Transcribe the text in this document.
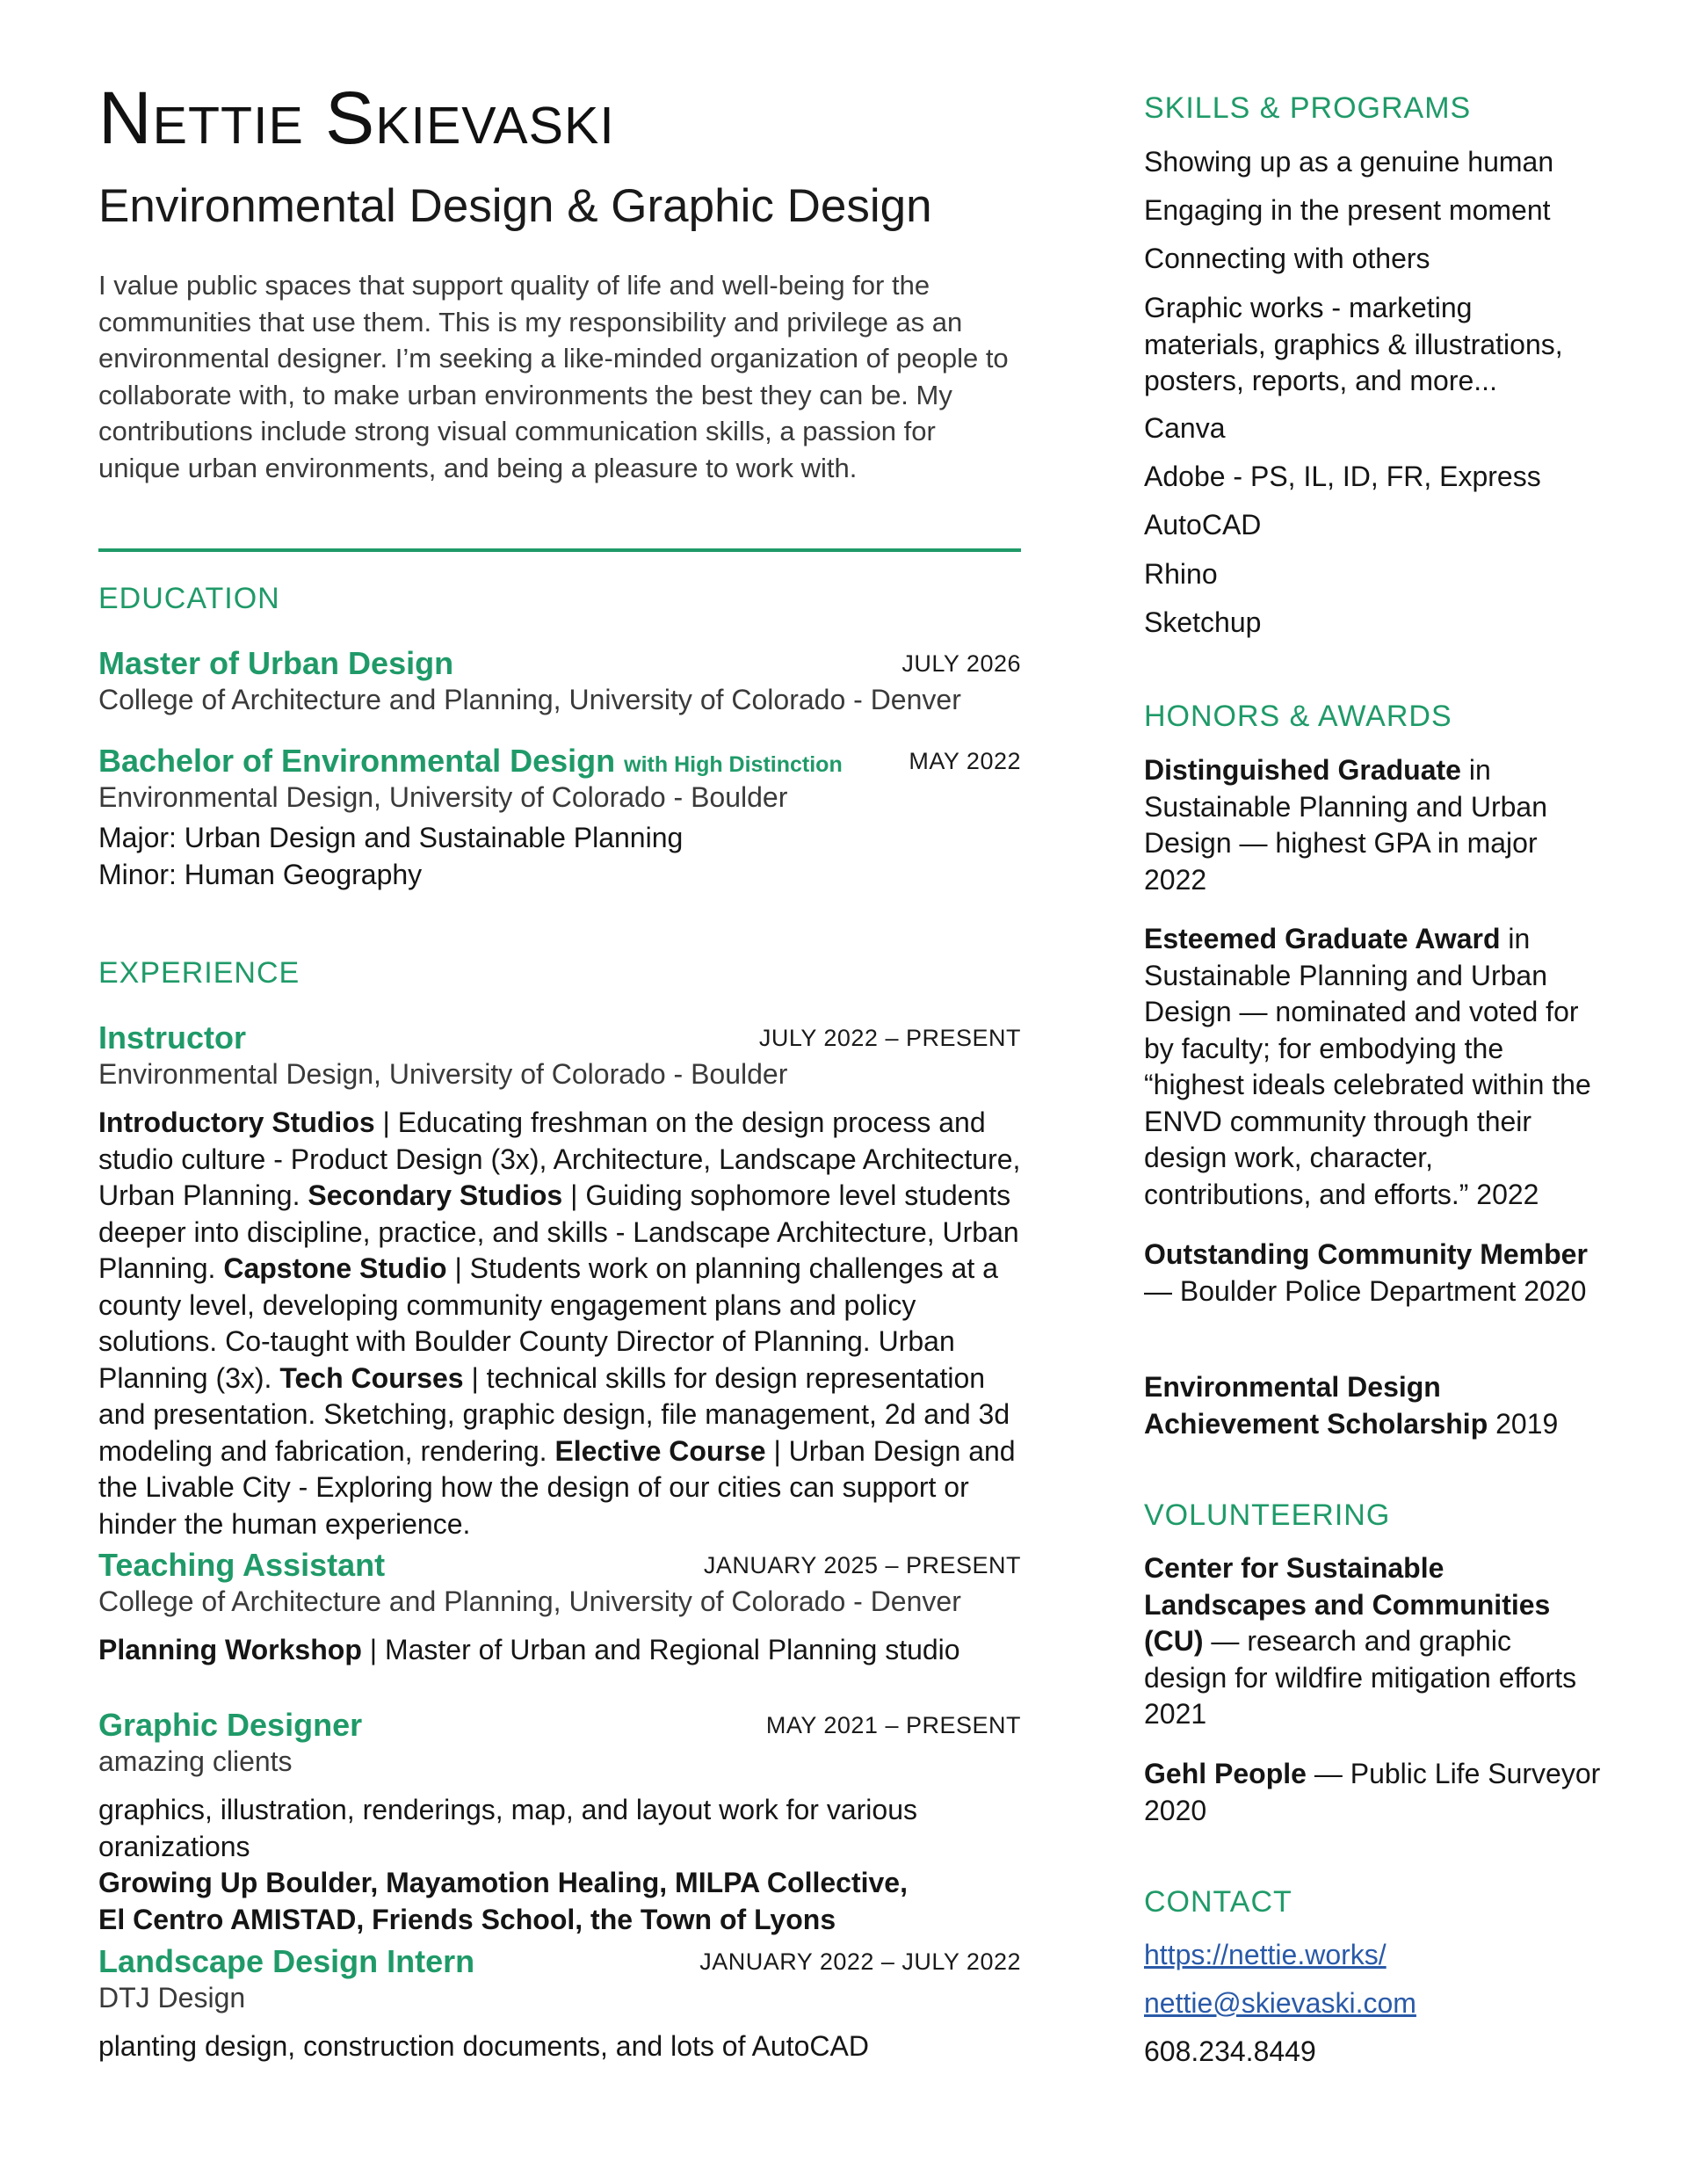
Nettie Skievaski
Environmental Design & Graphic Design
I value public spaces that support quality of life and well-being for the communities that use them. This is my responsibility and privilege as an environmental designer. I’m seeking a like-minded organization of people to collaborate with, to make urban environments the best they can be. My contributions include strong visual communication skills, a passion for unique urban environments, and being a pleasure to work with.
EDUCATION
Master of Urban Design	JULY 2026
College of Architecture and Planning, University of Colorado - Denver
Bachelor of Environmental Design with High Distinction	MAY 2022
Environmental Design, University of Colorado - Boulder
Major: Urban Design and Sustainable Planning
Minor: Human Geography
EXPERIENCE
Instructor	JULY 2022 – PRESENT
Environmental Design, University of Colorado - Boulder
Introductory Studios | Educating freshman on the design process and studio culture - Product Design (3x), Architecture, Landscape Architecture, Urban Planning. Secondary Studios | Guiding sophomore level students deeper into discipline, practice, and skills - Landscape Architecture, Urban Planning. Capstone Studio | Students work on planning challenges at a county level, developing community engagement plans and policy solutions. Co-taught with Boulder County Director of Planning. Urban Planning (3x). Tech Courses | technical skills for design representation and presentation. Sketching, graphic design, file management, 2d and 3d modeling and fabrication, rendering. Elective Course | Urban Design and the Livable City - Exploring how the design of our cities can support or hinder the human experience.
Teaching Assistant	JANUARY 2025 – PRESENT
College of Architecture and Planning, University of Colorado - Denver
Planning Workshop | Master of Urban and Regional Planning studio
Graphic Designer	MAY 2021 – PRESENT
amazing clients
graphics, illustration, renderings, map, and layout work for various oranizations
Growing Up Boulder, Mayamotion Healing, MILPA Collective,
El Centro AMISTAD, Friends School, the Town of Lyons
Landscape Design Intern	JANUARY 2022 – JULY 2022
DTJ Design
planting design, construction documents, and lots of AutoCAD
SKILLS & PROGRAMS
Showing up as a genuine human
Engaging in the present moment
Connecting with others
Graphic works - marketing materials, graphics & illustrations, posters, reports, and more...
Canva
Adobe - PS, IL, ID, FR, Express
AutoCAD
Rhino
Sketchup
HONORS & AWARDS
Distinguished Graduate in Sustainable Planning and Urban Design — highest GPA in major 2022
Esteemed Graduate Award in Sustainable Planning and Urban Design — nominated and voted for by faculty; for embodying the “highest ideals celebrated within the ENVD community through their design work, character, contributions, and efforts.” 2022
Outstanding Community Member — Boulder Police Department 2020
Environmental Design Achievement Scholarship 2019
VOLUNTEERING
Center for Sustainable Landscapes and Communities (CU) — research and graphic design for wildfire mitigation efforts 2021
Gehl People — Public Life Surveyor 2020
CONTACT
https://nettie.works/
nettie@skievaski.com
608.234.8449
